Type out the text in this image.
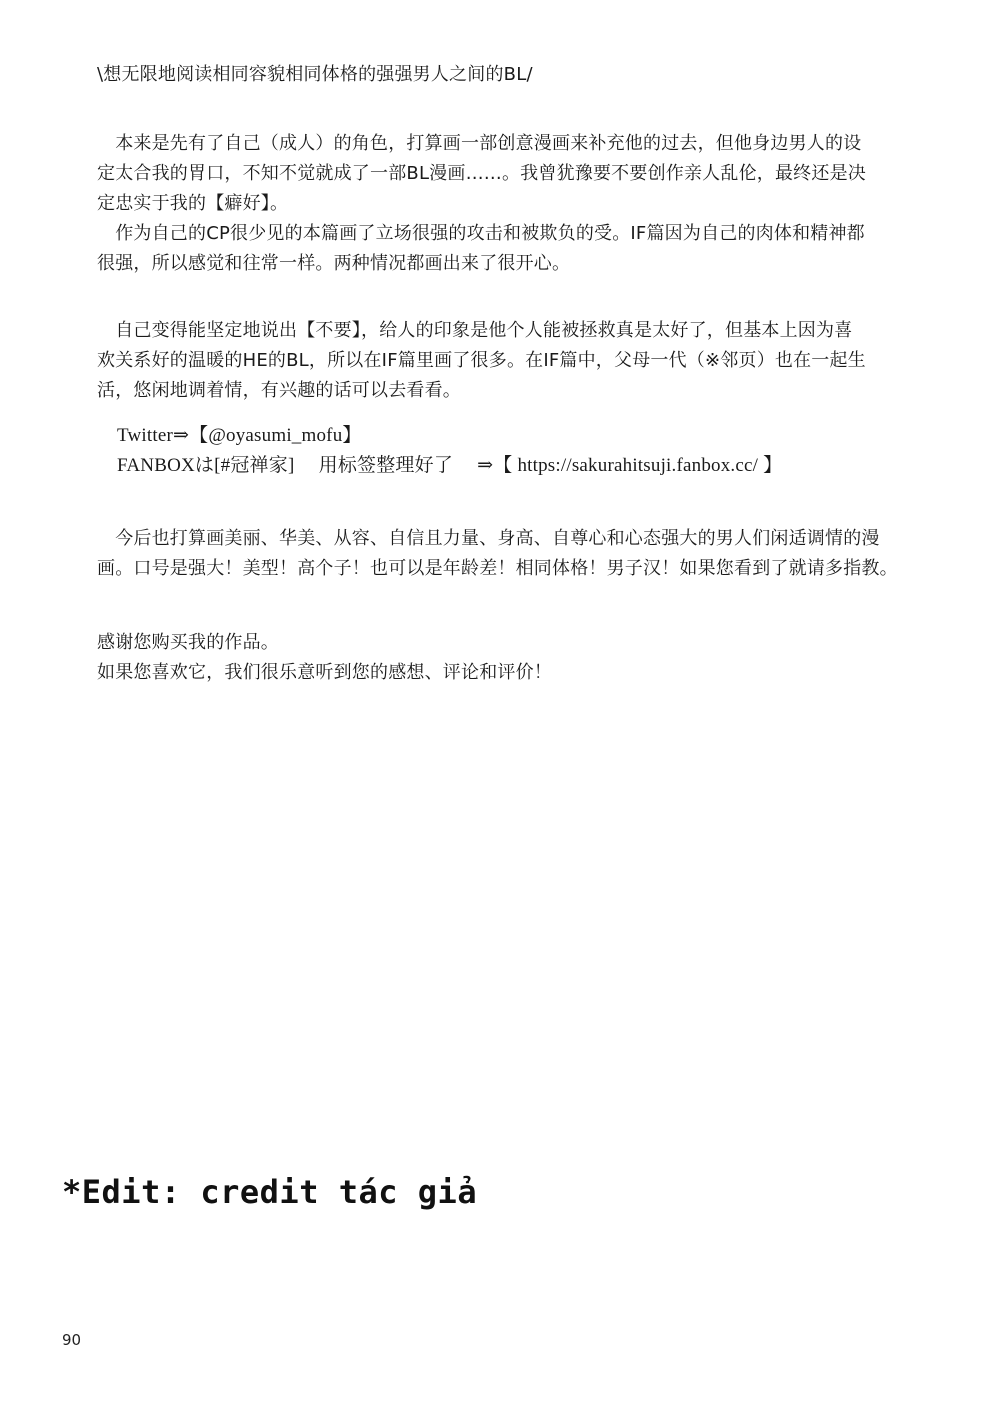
\想无限地阅读相同容貌相同体格的强强男人之间的BL/

　本来是先有了自己（成人）的角色，打算画一部创意漫画来补充他的过去，但他身边男人的设

定太合我的胃口，不知不觉就成了一部BL漫画……。我曾犹豫要不要创作亲人乱伦，最终还是决

定忠实于我的【癖好】。

　作为自己的CP很少见的本篇画了立场很强的攻击和被欺负的受。IF篇因为自己的肉体和精神都

很强，所以感觉和往常一样。两种情况都画出来了很开心。

　自己变得能坚定地说出【不要】，给人的印象是他个人能被拯救真是太好了，但基本上因为喜

欢关系好的温暖的HE的BL，所以在IF篇里画了很多。在IF篇中，父母一代（※邻页）也在一起生

活，悠闲地调着情，有兴趣的话可以去看看。

Twitter⇒【@oyasumi_mofu】

FANBOXは[#冠禅家]　 用标签整理好了　 ⇒【 https://sakurahitsuji.fanbox.cc/ 】

　今后也打算画美丽、华美、从容、自信且力量、身高、自尊心和心态强大的男人们闲适调情的漫

画。口号是强大！美型！高个子！也可以是年龄差！相同体格！男子汉！如果您看到了就请多指教。

感谢您购买我的作品。

如果您喜欢它，我们很乐意听到您的感想、评论和评价！

*Edit: credit tác giả

90
